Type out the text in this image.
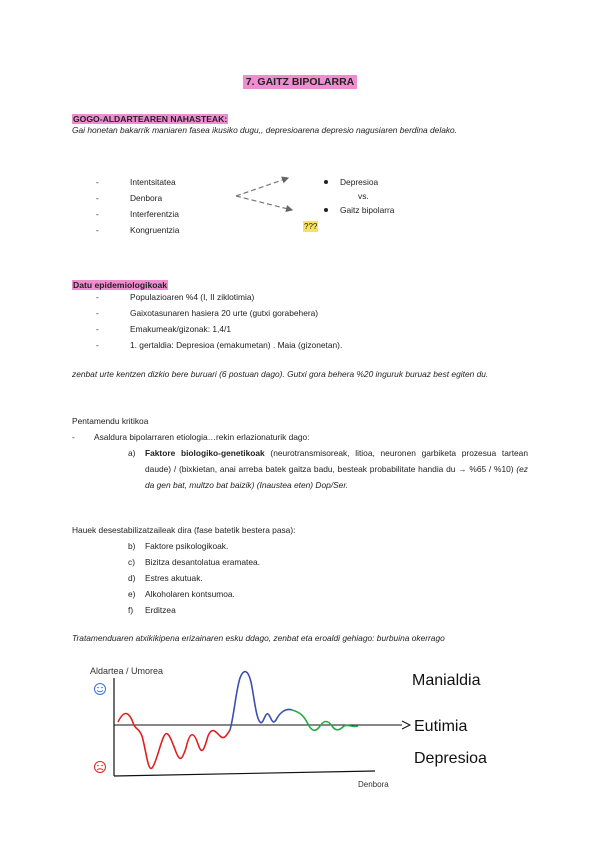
7. GAITZ BIPOLARRA
GOGO-ALDARTEAREN NAHASTEAK:
Gai honetan bakarrik maniaren fasea ikusiko dugu,, depresioarena depresio nagusiaren berdina delako.
- Intentsitatea
- Denbora
- Interferentzia
- Kongruentzia
Depresioa
vs.
Gaitz bipolarra
???
Datu epidemiologikoak
- Populazioaren %4 (I, II ziklotimia)
- Gaixotasunaren hasiera 20 urte (gutxi gorabehera)
- Emakumeak/gizonak: 1,4/1
- 1. gertaldia: Depresioa (emakumetan) . Maia (gizonetan).
zenbat urte kentzen dizkio bere buruari (6 postuan dago). Gutxi gora behera %20 inguruk buruaz best egiten du.
Pentamendu kritikoa
- Asaldura bipolarraren etiologia…rekin erlazionaturik dago:
a) Faktore biologiko-genetikoak (neurotransmisoreak, litioa, neuronen garbiketa prozesua tartean daude) / (bixkietan, anai arreba batek gaitza badu, besteak probabilitate handia du → %65 / %10) (ez da gen bat, multzo bat baizik) (Inaustea eten) Dop/Ser.
Hauek desestabilizatzaileak dira (fase batetik bestera pasa):
b) Faktore psikologikoak.
c) Bizitza desantolatua eramatea.
d) Estres akutuak.
e) Alkoholaren kontsumoa.
f) Erditzea
Tratamenduaren atxikikipena erizainaren esku ddago, zenbat eta eroaldi gehiago: burbuina okerrago
Aldartea / Umorea
Manialdia
Eutimia
Depresioa
Denbora
